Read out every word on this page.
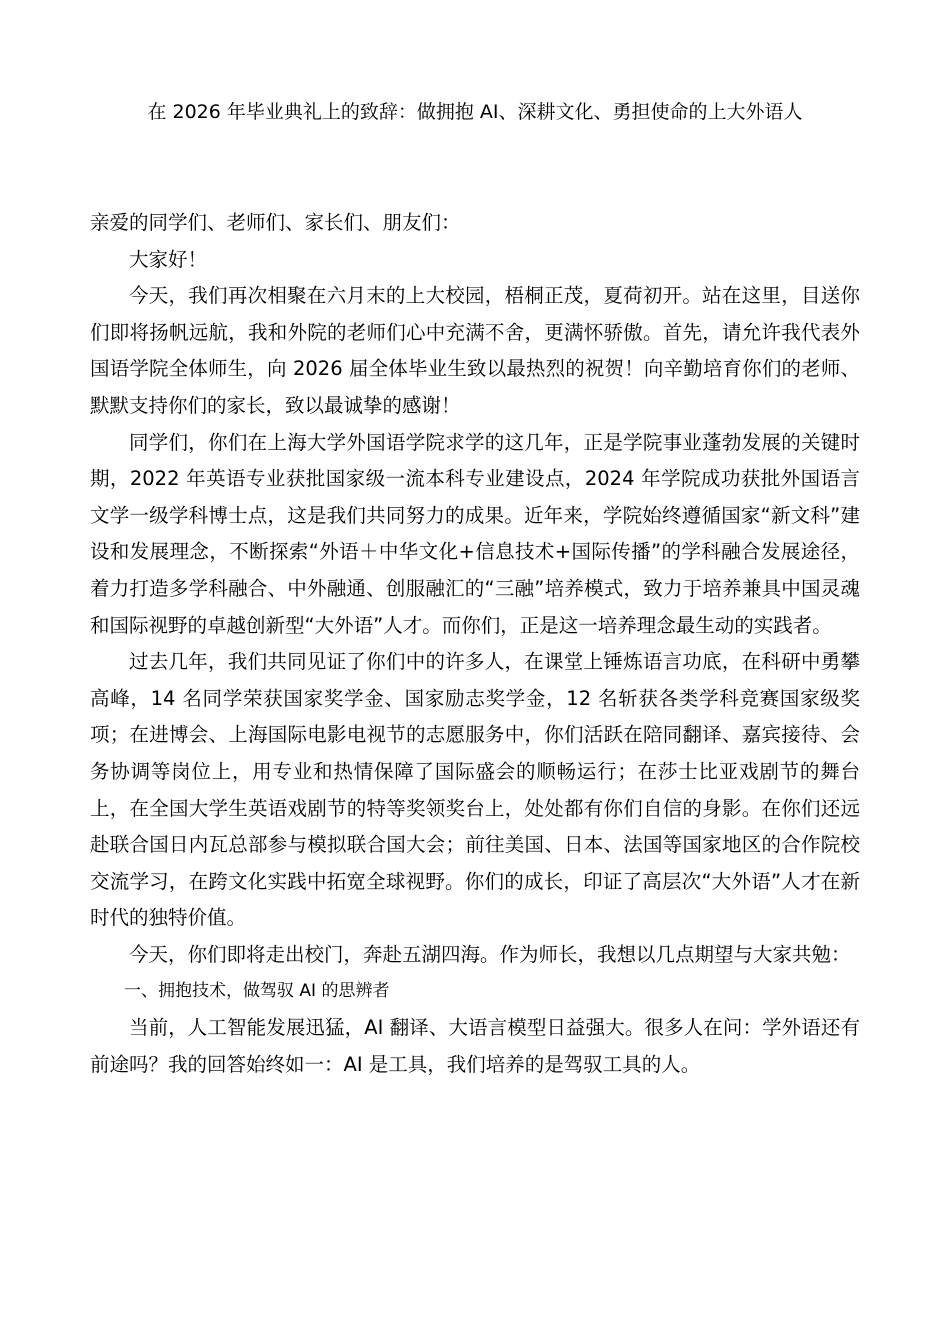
在 2026 年毕业典礼上的致辞：做拥抱 AI、深耕文化、勇担使命的上大外语人

亲爱的同学们、老师们、家长们、朋友们：

大家好！

今天，我们再次相聚在六月末的上大校园，梧桐正茂，夏荷初开。站在这里，目送你们即将扬帆远航，我和外院的老师们心中充满不舍，更满怀骄傲。首先，请允许我代表外国语学院全体师生，向 2026 届全体毕业生致以最热烈的祝贺！向辛勤培育你们的老师、默默支持你们的家长，致以最诚挚的感谢！

同学们，你们在上海大学外国语学院求学的这几年，正是学院事业蓬勃发展的关键时期，2022 年英语专业获批国家级一流本科专业建设点，2024 年学院成功获批外国语言文学一级学科博士点，这是我们共同努力的成果。近年来，学院始终遵循国家“新文科”建设和发展理念，不断探索“外语＋中华文化+信息技术+国际传播”的学科融合发展途径，着力打造多学科融合、中外融通、创服融汇的“三融”培养模式，致力于培养兼具中国灵魂和国际视野的卓越创新型“大外语”人才。而你们，正是这一培养理念最生动的实践者。

过去几年，我们共同见证了你们中的许多人，在课堂上锤炼语言功底，在科研中勇攀高峰，14 名同学荣获国家奖学金、国家励志奖学金，12 名斩获各类学科竞赛国家级奖项；在进博会、上海国际电影电视节的志愿服务中，你们活跃在陪同翻译、嘉宾接待、会务协调等岗位上，用专业和热情保障了国际盛会的顺畅运行；在莎士比亚戏剧节的舞台上，在全国大学生英语戏剧节的特等奖领奖台上，处处都有你们自信的身影。在你们还远赴联合国日内瓦总部参与模拟联合国大会；前往美国、日本、法国等国家地区的合作院校交流学习，在跨文化实践中拓宽全球视野。你们的成长，印证了高层次“大外语”人才在新时代的独特价值。

今天，你们即将走出校门，奔赴五湖四海。作为师长，我想以几点期望与大家共勉：

一、拥抱技术，做驾驭 AI 的思辨者

当前，人工智能发展迅猛，AI 翻译、大语言模型日益强大。很多人在问：学外语还有前途吗？我的回答始终如一：AI 是工具，我们培养的是驾驭工具的人。
